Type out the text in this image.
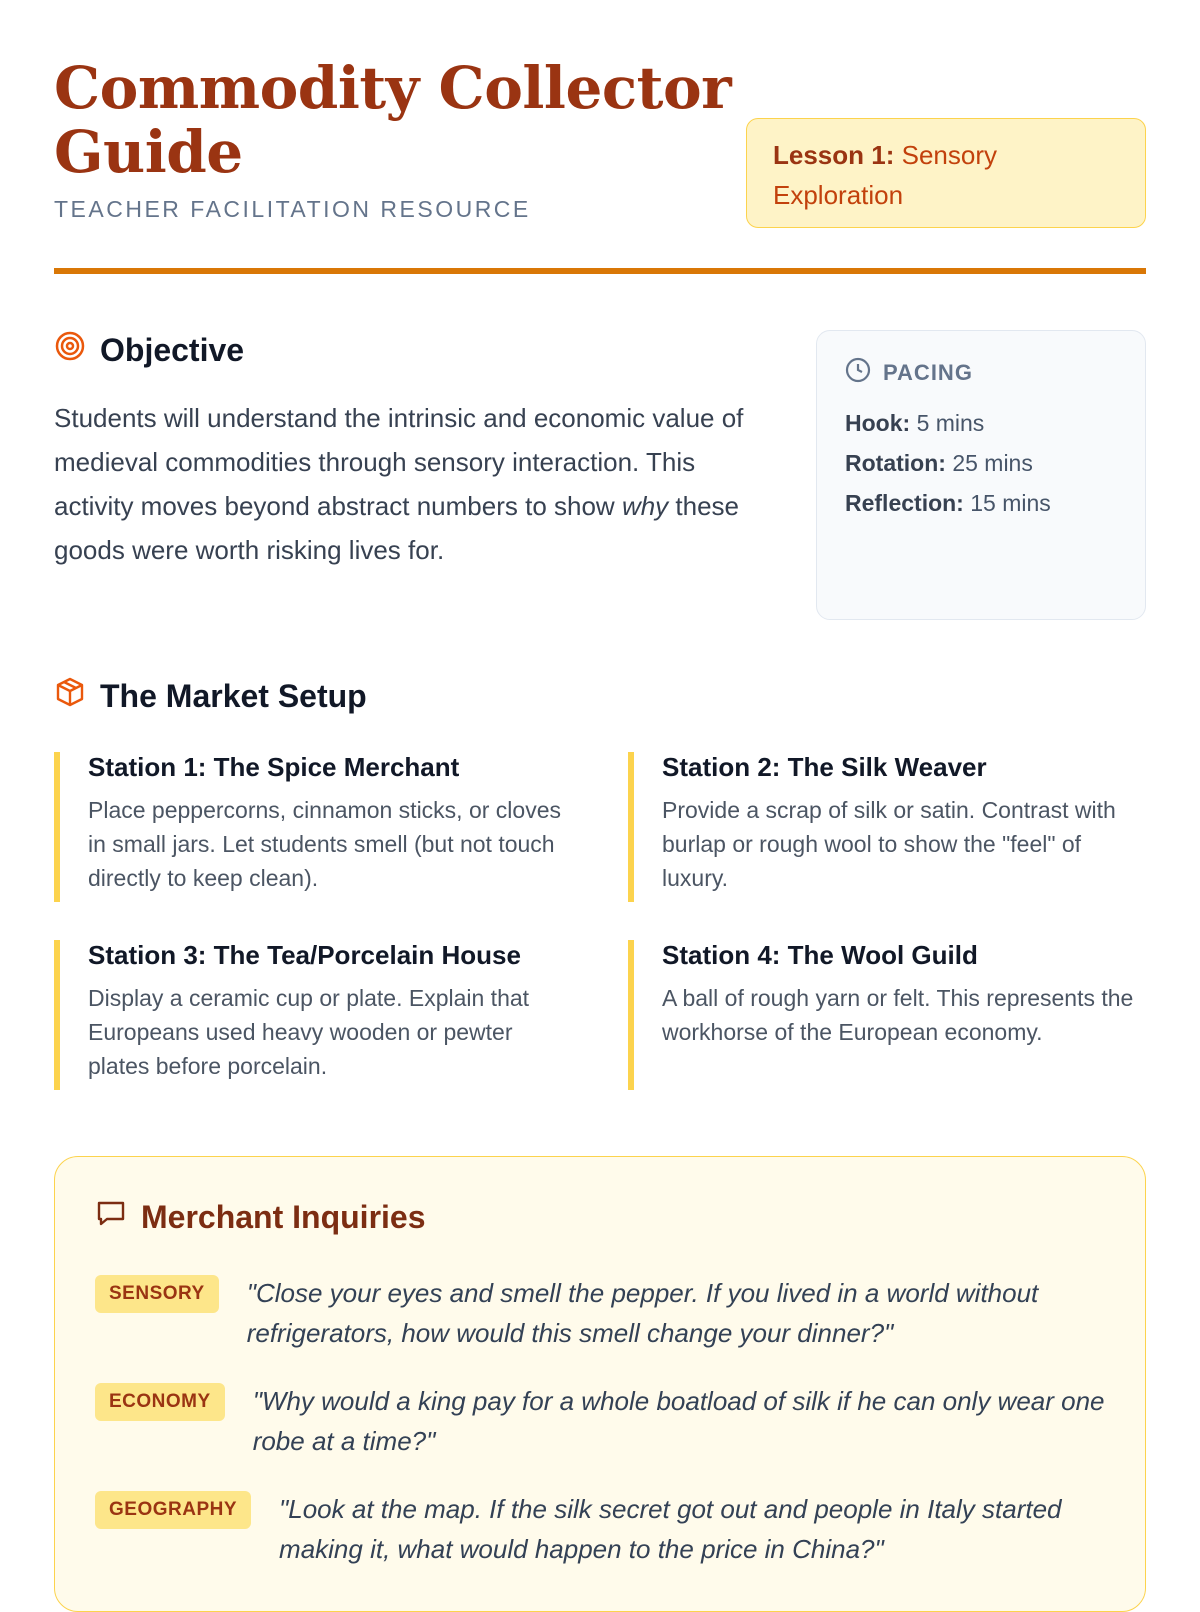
Commodity Collector Guide
TEACHER FACILITATION RESOURCE
Lesson 1: Sensory Exploration
Objective

Students will understand the intrinsic and economic value of medieval commodities through sensory interaction. This activity moves beyond abstract numbers to show why these goods were worth risking lives for.

PACING
Hook: 5 mins
Rotation: 25 mins
Reflection: 15 mins
The Market Setup
Station 1: The Spice Merchant

Place peppercorns, cinnamon sticks, or cloves in small jars. Let students smell (but not touch directly to keep clean).

Station 2: The Silk Weaver

Provide a scrap of silk or satin. Contrast with burlap or rough wool to show the "feel" of luxury.

Station 3: The Tea/Porcelain House

Display a ceramic cup or plate. Explain that Europeans used heavy wooden or pewter plates before porcelain.

Station 4: The Wool Guild

A ball of rough yarn or felt. This represents the workhorse of the European economy.

Merchant Inquiries
SENSORY	"Close your eyes and smell the pepper. If you lived in a world without refrigerators, how would this smell change your dinner?"
ECONOMY	"Why would a king pay for a whole boatload of silk if he can only wear one robe at a time?"
GEOGRAPHY	"Look at the map. If the silk secret got out and people in Italy started making it, what would happen to the price in China?"
